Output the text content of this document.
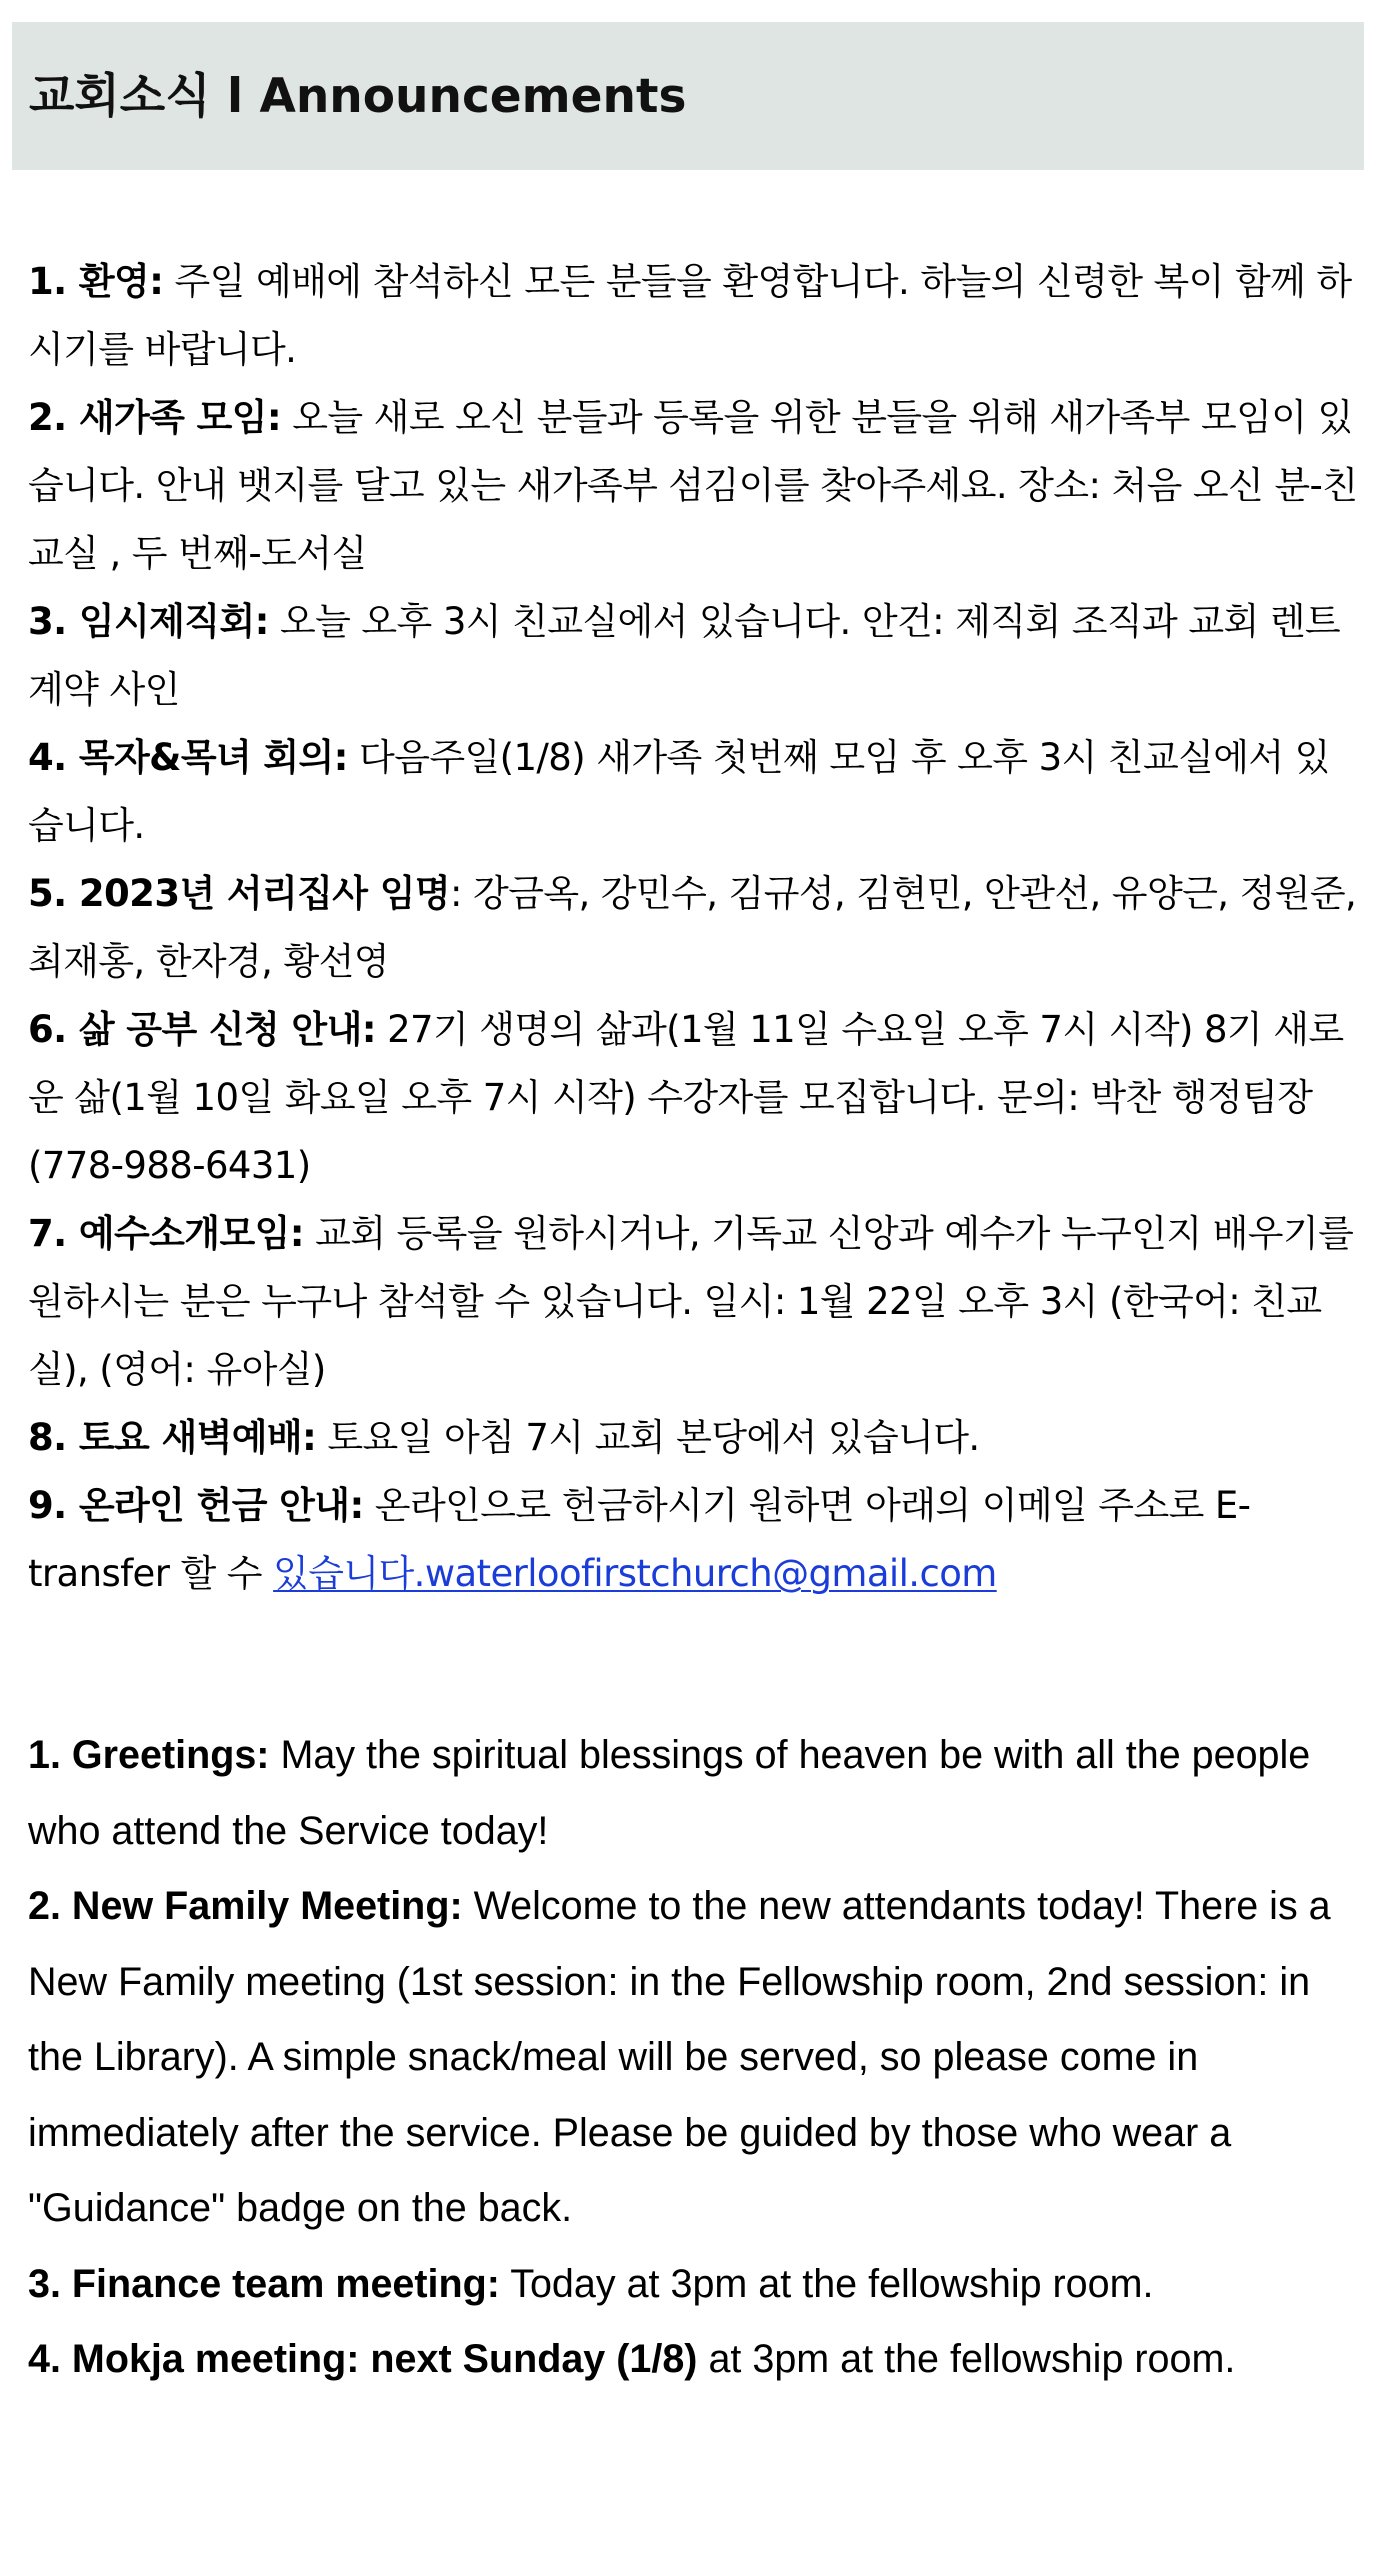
교회소식 l Announcements
1. 환영: 주일 예배에 참석하신 모든 분들을 환영합니다. 하늘의 신령한 복이 함께 하시기를 바랍니다.
2. 새가족 모임: 오늘 새로 오신 분들과 등록을 위한 분들을 위해 새가족부 모임이 있습니다. 안내 뱃지를 달고 있는 새가족부 섬김이를 찾아주세요. 장소: 처음 오신 분-친교실 , 두 번째-도서실
3. 임시제직회: 오늘 오후 3시 친교실에서 있습니다. 안건: 제직회 조직과 교회 렌트 계약 사인
4. 목자&목녀 회의: 다음주일(1/8) 새가족 첫번째 모임 후 오후 3시 친교실에서 있습니다.
5. 2023년 서리집사 임명: 강금옥, 강민수, 김규성, 김현민, 안관선, 유양근, 정원준, 최재홍, 한자경, 황선영
6. 삶 공부 신청 안내: 27기 생명의 삶과(1월 11일 수요일 오후 7시 시작) 8기 새로운 삶(1월 10일 화요일 오후 7시 시작) 수강자를 모집합니다. 문의: 박찬 행정팀장(778-988-6431)
7. 예수소개모임: 교회 등록을 원하시거나, 기독교 신앙과 예수가 누구인지 배우기를 원하시는 분은 누구나 참석할 수 있습니다. 일시: 1월 22일 오후 3시 (한국어: 친교실), (영어: 유아실)
8. 토요 새벽예배: 토요일 아침 7시 교회 본당에서 있습니다.
9. 온라인 헌금 안내: 온라인으로 헌금하시기 원하면 아래의 이메일 주소로 E-transfer 할 수 있습니다.waterloofirstchurch@gmail.com
1. Greetings: May the spiritual blessings of heaven be with all the people who attend the Service today!
2. New Family Meeting: Welcome to the new attendants today! There is a New Family meeting (1st session: in the Fellowship room, 2nd session: in the Library). A simple snack/meal will be served, so please come in immediately after the service. Please be guided by those who wear a "Guidance" badge on the back.
3. Finance team meeting: Today at 3pm at the fellowship room.
4. Mokja meeting: next Sunday (1/8) at 3pm at the fellowship room.
